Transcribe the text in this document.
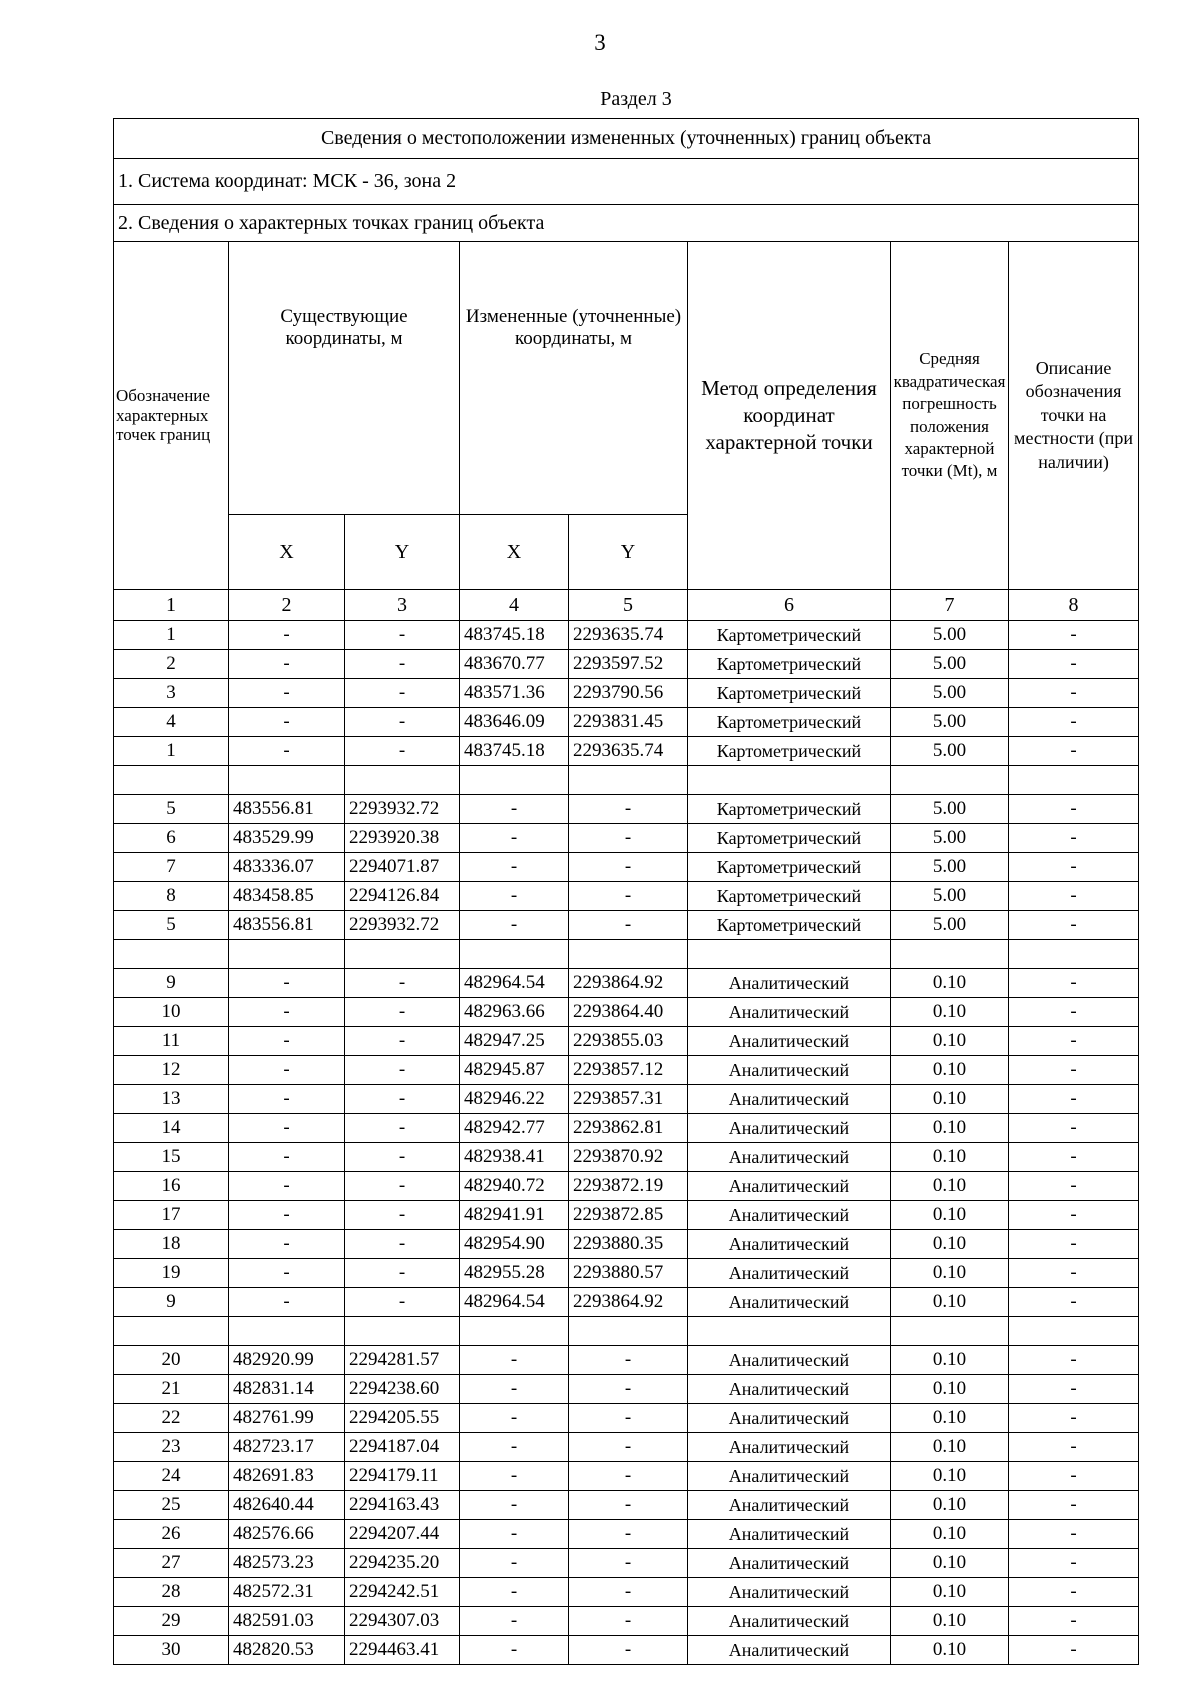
3
Раздел 3
Сведения о местоположении измененных (уточненных) границ объекта							
1. Система координат: МСК - 36, зона 2							
2. Сведения о характерных точках границ объекта							
Обозначение характерных точек границ	Существующие координаты, м		Измененные (уточненные) координаты, м		Метод определения координат характерной точки	Средняя квадратическая погрешность положения характерной точки (Mt), м	Описание обозначения точки на местности (при наличии)
	X	Y	X	Y			
1	2	3	4	5	6	7	8
1	-	-	483745.18	2293635.74	Картометрический	5.00	-
2	-	-	483670.77	2293597.52	Картометрический	5.00	-
3	-	-	483571.36	2293790.56	Картометрический	5.00	-
4	-	-	483646.09	2293831.45	Картометрический	5.00	-
1	-	-	483745.18	2293635.74	Картометрический	5.00	-

5	483556.81	2293932.72	-	-	Картометрический	5.00	-
6	483529.99	2293920.38	-	-	Картометрический	5.00	-
7	483336.07	2294071.87	-	-	Картометрический	5.00	-
8	483458.85	2294126.84	-	-	Картометрический	5.00	-
5	483556.81	2293932.72	-	-	Картометрический	5.00	-

9	-	-	482964.54	2293864.92	Аналитический	0.10	-
10	-	-	482963.66	2293864.40	Аналитический	0.10	-
11	-	-	482947.25	2293855.03	Аналитический	0.10	-
12	-	-	482945.87	2293857.12	Аналитический	0.10	-
13	-	-	482946.22	2293857.31	Аналитический	0.10	-
14	-	-	482942.77	2293862.81	Аналитический	0.10	-
15	-	-	482938.41	2293870.92	Аналитический	0.10	-
16	-	-	482940.72	2293872.19	Аналитический	0.10	-
17	-	-	482941.91	2293872.85	Аналитический	0.10	-
18	-	-	482954.90	2293880.35	Аналитический	0.10	-
19	-	-	482955.28	2293880.57	Аналитический	0.10	-
9	-	-	482964.54	2293864.92	Аналитический	0.10	-

20	482920.99	2294281.57	-	-	Аналитический	0.10	-
21	482831.14	2294238.60	-	-	Аналитический	0.10	-
22	482761.99	2294205.55	-	-	Аналитический	0.10	-
23	482723.17	2294187.04	-	-	Аналитический	0.10	-
24	482691.83	2294179.11	-	-	Аналитический	0.10	-
25	482640.44	2294163.43	-	-	Аналитический	0.10	-
26	482576.66	2294207.44	-	-	Аналитический	0.10	-
27	482573.23	2294235.20	-	-	Аналитический	0.10	-
28	482572.31	2294242.51	-	-	Аналитический	0.10	-
29	482591.03	2294307.03	-	-	Аналитический	0.10	-
30	482820.53	2294463.41	-	-	Аналитический	0.10	-
